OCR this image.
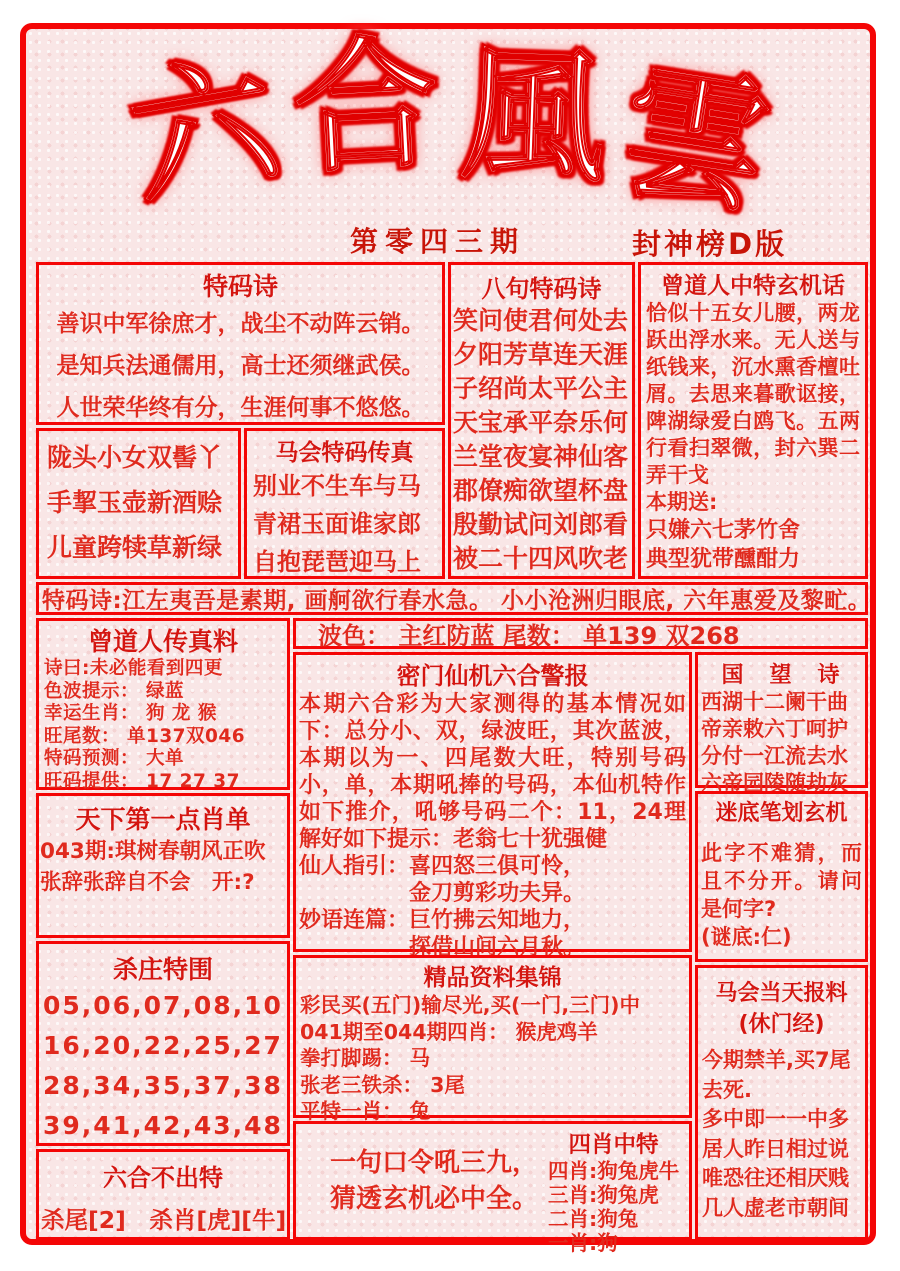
六合風雲
第零四三期	封神榜D版
特码诗
善识中军徐庶才，战尘不动阵云销。
是知兵法通儒用，高士还须继武侯。
人世荣华终有分，生涯何事不悠悠。
陇头小女双髻丫
手挈玉壶新酒赊
儿童跨犊草新绿
马会特码传真
别业不生车与马
青裙玉面谁家郎
自抱琵琶迎马上
八句特码诗
笑问使君何处去
夕阳芳草连天涯
子绍尚太平公主
天宝承平奈乐何
兰堂夜宴神仙客
郡僚痴欲望杯盘
殷勤试问刘郎看
被二十四风吹老
曾道人中特玄机话
恰似十五女儿腰，两龙跃出浮水来。无人送与纸钱来，沉水熏香檀吐屑。去思来暮歌讴接，陴湖绿爱白鸥飞。五两行看扫翠微，封六巽二弄干戈
本期送:
只嫌六七茅竹舍
典型犹带醺酣力
特码诗:江左夷吾是素期, 画舸欲行春水急。 小小沧洲归眼底, 六年惠爱及黎甿。
曾道人传真料
诗曰:未必能看到四更
色波提示： 绿蓝
幸运生肖： 狗 龙 猴
旺尾数： 单137双046
特码预测： 大单
旺码提供： 17 27 37
天下第一点肖单
043期:琪树春朝风正吹
张辞张辞自不会　开:?
杀庄特围
05,06,07,08,10
16,20,22,25,27
28,34,35,37,38
39,41,42,43,48
六合不出特
杀尾[2]　杀肖[虎][牛]
波色： 主红防蓝 尾数： 单139 双268
密门仙机六合警报
本期六合彩为大家测得的基本情况如下：总分小、双，绿波旺，其次蓝波，本期以为一、四尾数大旺，特别号码小，单，本期吼捧的号码，本仙机特作如下推介，吼够号码二个：11，24理解好如下提示：老翁七十犹强健
仙人指引：喜四怒三俱可怜，
　　　　　金刀剪彩功夫异。
妙语连篇：巨竹拂云知地力，
　　　　　探借山间六月秋。
精品资料集锦
彩民买(五门)输尽光,买(一门,三门)中
041期至044期四肖： 猴虎鸡羊
拳打脚踢： 马
张老三铁杀： 3尾
平特一肖： 兔
一句口令吼三九，
猜透玄机必中全。
四肖中特
四肖:狗兔虎牛
三肖:狗兔虎
二肖:狗兔
一肖:狗
国　望　诗
西湖十二阑干曲
帝亲敕六丁呵护
分付一江流去水
六帝园陵随劫灰
迷底笔划玄机
此字不难猜，而且不分开。请问是何字?
(谜底:仁)
马会当天报料
(休门经)
今期禁羊,买7尾去死.
多中即一一中多
居人昨日相过说
唯恐往还相厌贱
几人虚老市朝间
